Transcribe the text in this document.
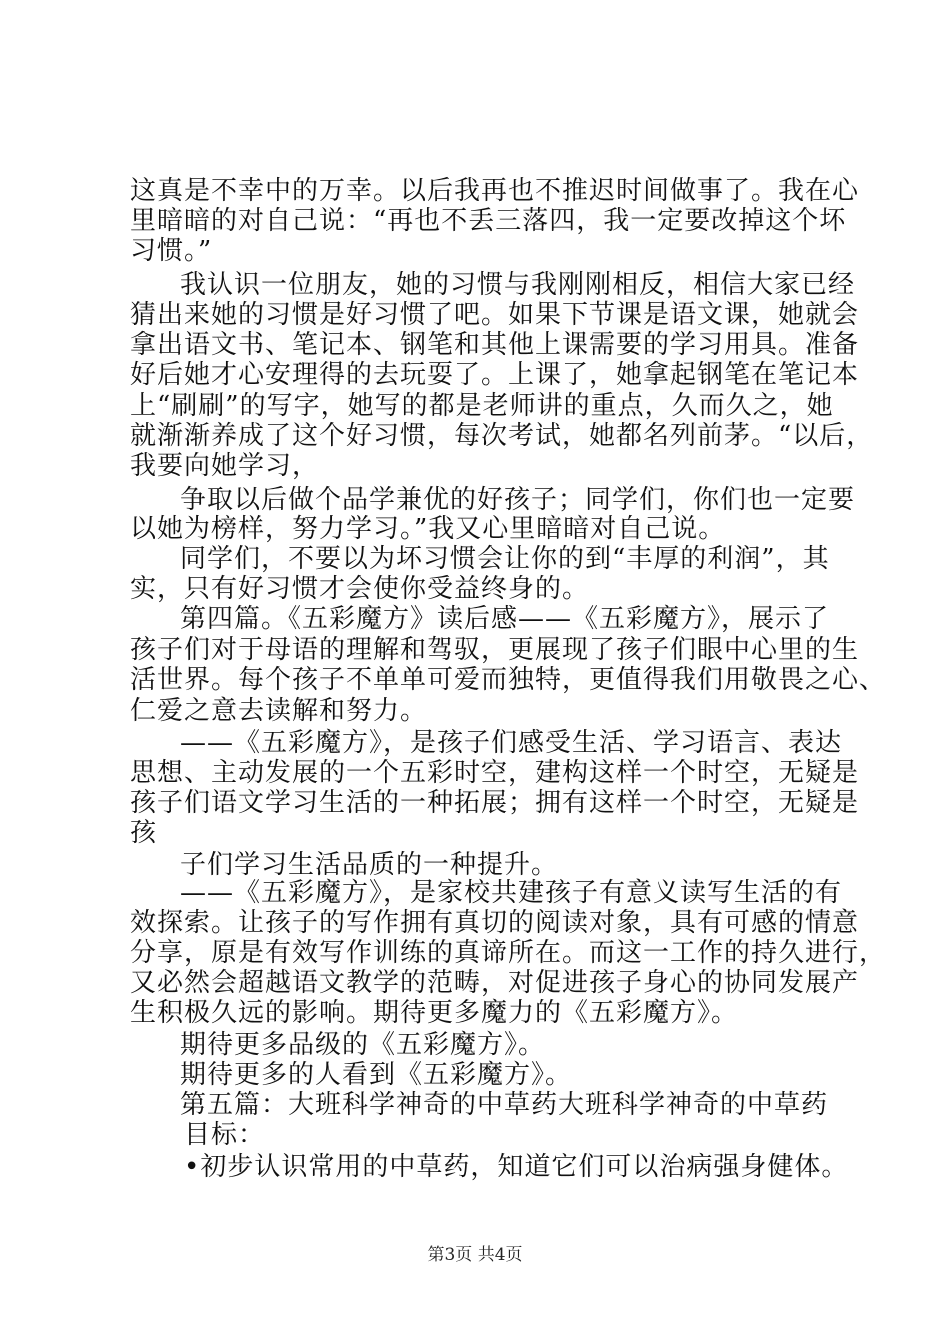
这真是不幸中的万幸。以后我再也不推迟时间做事了。我在心
里暗暗的对自己说：“再也不丢三落四，我一定要改掉这个坏
习惯。”
我认识一位朋友，她的习惯与我刚刚相反，相信大家已经
猜出来她的习惯是好习惯了吧。如果下节课是语文课，她就会
拿出语文书、笔记本、钢笔和其他上课需要的学习用具。准备
好后她才心安理得的去玩耍了。上课了，她拿起钢笔在笔记本
上“刷刷”的写字，她写的都是老师讲的重点，久而久之，她
就渐渐养成了这个好习惯，每次考试，她都名列前茅。“以后，
我要向她学习，
争取以后做个品学兼优的好孩子；同学们，你们也一定要
以她为榜样，努力学习。”我又心里暗暗对自己说。
同学们，不要以为坏习惯会让你的到“丰厚的利润”，其
实，只有好习惯才会使你受益终身的。
第四篇。《五彩魔方》读后感——《五彩魔方》，展示了
孩子们对于母语的理解和驾驭，更展现了孩子们眼中心里的生
活世界。每个孩子不单单可爱而独特，更值得我们用敬畏之心、
仁爱之意去读解和努力。
——《五彩魔方》，是孩子们感受生活、学习语言、表达
思想、主动发展的一个五彩时空，建构这样一个时空，无疑是
孩子们语文学习生活的一种拓展；拥有这样一个时空，无疑是
孩
子们学习生活品质的一种提升。
——《五彩魔方》，是家校共建孩子有意义读写生活的有
效探索。让孩子的写作拥有真切的阅读对象，具有可感的情意
分享，原是有效写作训练的真谛所在。而这一工作的持久进行，
又必然会超越语文教学的范畴，对促进孩子身心的协同发展产
生积极久远的影响。期待更多魔力的《五彩魔方》。
期待更多品级的《五彩魔方》。
期待更多的人看到《五彩魔方》。
第五篇：大班科学神奇的中草药大班科学神奇的中草药
目标：
•初步认识常用的中草药，知道它们可以治病强身健体。
第3页 共4页
